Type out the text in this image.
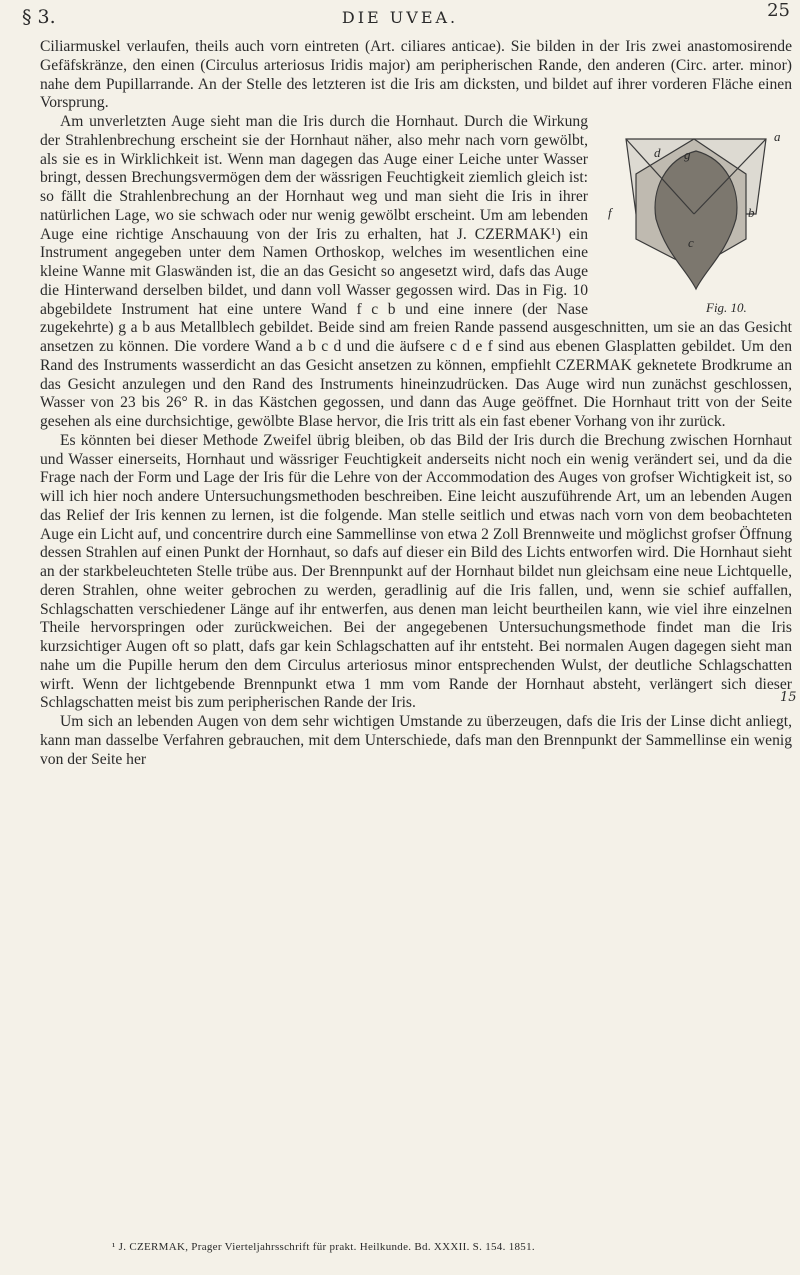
§ 3.	DIE UVEA.	25

Ciliarmuskel verlaufen, theils auch vorn eintreten (Art. ciliares anticae). Sie bilden in der Iris zwei anastomosirende Gefäfskränze, den einen (Circulus arteriosus Iridis major) am peripherischen Rande, den anderen (Circ. arter. minor) nahe dem Pupillarrande. An der Stelle des letzteren ist die Iris am dicksten, und bildet auf ihrer vorderen Fläche einen Vorsprung.

g
d
a
f	b
c
Fig. 10.

Am unverletzten Auge sieht man die Iris durch die Hornhaut. Durch die Wirkung der Strahlenbrechung erscheint sie der Hornhaut näher, also mehr nach vorn gewölbt, als sie es in Wirklichkeit ist. Wenn man dagegen das Auge einer Leiche unter Wasser bringt, dessen Brechungsvermögen dem der wässrigen Feuchtigkeit ziemlich gleich ist: so fällt die Strahlenbrechung an der Hornhaut weg und man sieht die Iris in ihrer natürlichen Lage, wo sie schwach oder nur wenig gewölbt erscheint. Um am lebenden Auge eine richtige Anschauung von der Iris zu erhalten, hat J. CZERMAK¹) ein Instrument angegeben unter dem Namen Orthoskop, welches im wesentlichen eine kleine Wanne mit Glaswänden ist, die an das Gesicht so angesetzt wird, dafs das Auge die Hinterwand derselben bildet, und dann voll Wasser gegossen wird. Das in Fig. 10 abgebildete Instrument hat eine untere Wand f c b und eine innere (der Nase zugekehrte) g a b aus Metallblech gebildet. Beide sind am freien Rande passend ausgeschnitten, um sie an das Gesicht ansetzen zu können. Die vordere Wand a b c d und die äufsere c d e f sind aus ebenen Glasplatten gebildet. Um den Rand des Instruments wasserdicht an das Gesicht ansetzen zu können, empfiehlt CZERMAK geknetete Brodkrume an das Gesicht anzulegen und den Rand des Instruments hineinzudrücken. Das Auge wird nun zunächst geschlossen, Wasser von 23 bis 26° R. in das Kästchen gegossen, und dann das Auge geöffnet. Die Hornhaut tritt von der Seite gesehen als eine durchsichtige, gewölbte Blase hervor, die Iris tritt als ein fast ebener Vorhang von ihr zurück.

Es könnten bei dieser Methode Zweifel übrig bleiben, ob das Bild der Iris durch die Brechung zwischen Hornhaut und Wasser einerseits, Hornhaut und wässriger Feuchtigkeit anderseits nicht noch ein wenig verändert sei, und da die Frage nach der Form und Lage der Iris für die Lehre von der Accommodation des Auges von grofser Wichtigkeit ist, so will ich hier noch andere Untersuchungsmethoden beschreiben. Eine leicht auszuführende Art, um an lebenden Augen das Relief der Iris kennen zu lernen, ist die folgende. Man stelle seitlich und etwas nach vorn von dem beobachteten Auge ein Licht auf, und concentrire durch eine Sammellinse von etwa 2 Zoll Brennweite und möglichst grofser Öffnung dessen Strahlen auf einen Punkt der Hornhaut, so dafs auf dieser ein Bild des Lichts entworfen wird. Die Hornhaut sieht an der starkbeleuchteten Stelle trübe aus. Der Brennpunkt auf der Hornhaut bildet nun gleichsam eine neue Lichtquelle, deren Strahlen, ohne weiter gebrochen zu werden, geradlinig auf die Iris fallen, und, wenn sie schief auffallen, Schlagschatten verschiedener Länge auf ihr entwerfen, aus denen man leicht beurtheilen kann, wie viel ihre einzelnen Theile hervorspringen oder zurückweichen. Bei der angegebenen Untersuchungsmethode findet man die Iris kurzsichtiger Augen oft so platt, dafs gar kein Schlagschatten auf ihr entsteht. Bei normalen Augen dagegen sieht man nahe um die Pupille herum den dem Circulus arteriosus minor entsprechenden Wulst, der deutliche Schlagschatten wirft. Wenn der lichtgebende Brennpunkt etwa 1 mm vom Rande der Hornhaut absteht, verlängert sich dieser Schlagschatten meist bis zum peripherischen Rande der Iris.

Um sich an lebenden Augen von dem sehr wichtigen Umstande zu überzeugen, dafs die Iris der Linse dicht anliegt, kann man dasselbe Verfahren gebrauchen, mit dem Unterschiede, dafs man den Brennpunkt der Sammellinse ein wenig von der Seite her

15
¹ J. CZERMAK, Prager Vierteljahrsschrift für prakt. Heilkunde. Bd. XXXII. S. 154. 1851.
